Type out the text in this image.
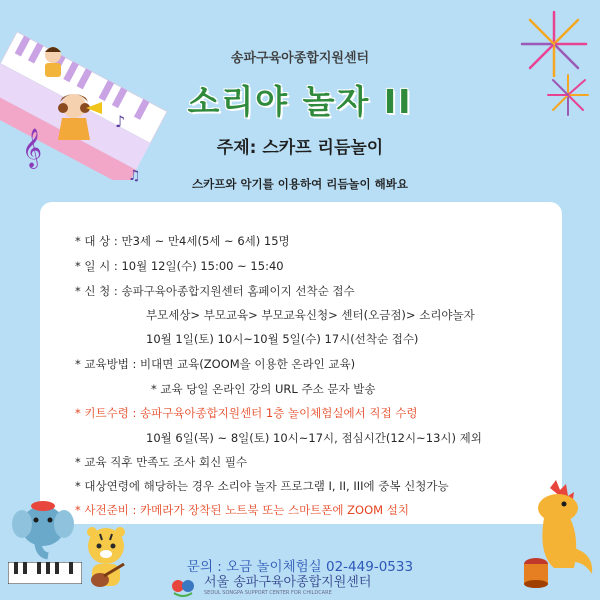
𝄞
♪
♫
송파구육아종합지원센터
소리야 놀자 II
주제: 스카프 리듬놀이
스카프와 악기를 이용하여 리듬놀이 해봐요
* 대 상 : 만3세 ~ 만4세(5세 ~ 6세) 15명
* 일 시 : 10월 12일(수) 15:00 ~ 15:40
* 신 청 : 송파구육아종합지원센터 홈페이지 선착순 접수
부모세상> 부모교육> 부모교육신청> 센터(오금점)> 소리야놀자
10월 1일(토) 10시~10월 5일(수) 17시(선착순 접수)
* 교육방법 : 비대면 교육(ZOOM을 이용한 온라인 교육)
* 교육 당일 온라인 강의 URL 주소 문자 발송
* 키트수령 : 송파구육아종합지원센터 1층 놀이체험실에서 직접 수령
10월 6일(목) ~ 8일(토) 10시~17시, 점심시간(12시~13시) 제외
* 교육 직후 만족도 조사 회신 필수
* 대상연령에 해당하는 경우 소리야 놀자 프로그램 I, II, III에 중복 신청가능
* 사전준비 : 카메라가 장착된 노트북 또는 스마트폰에 ZOOM 설치
문의 : 오금 놀이체험실 02-449-0533
서울 송파구육아종합지원센터
SEOUL SONGPA SUPPORT CENTER FOR CHILDCARE
